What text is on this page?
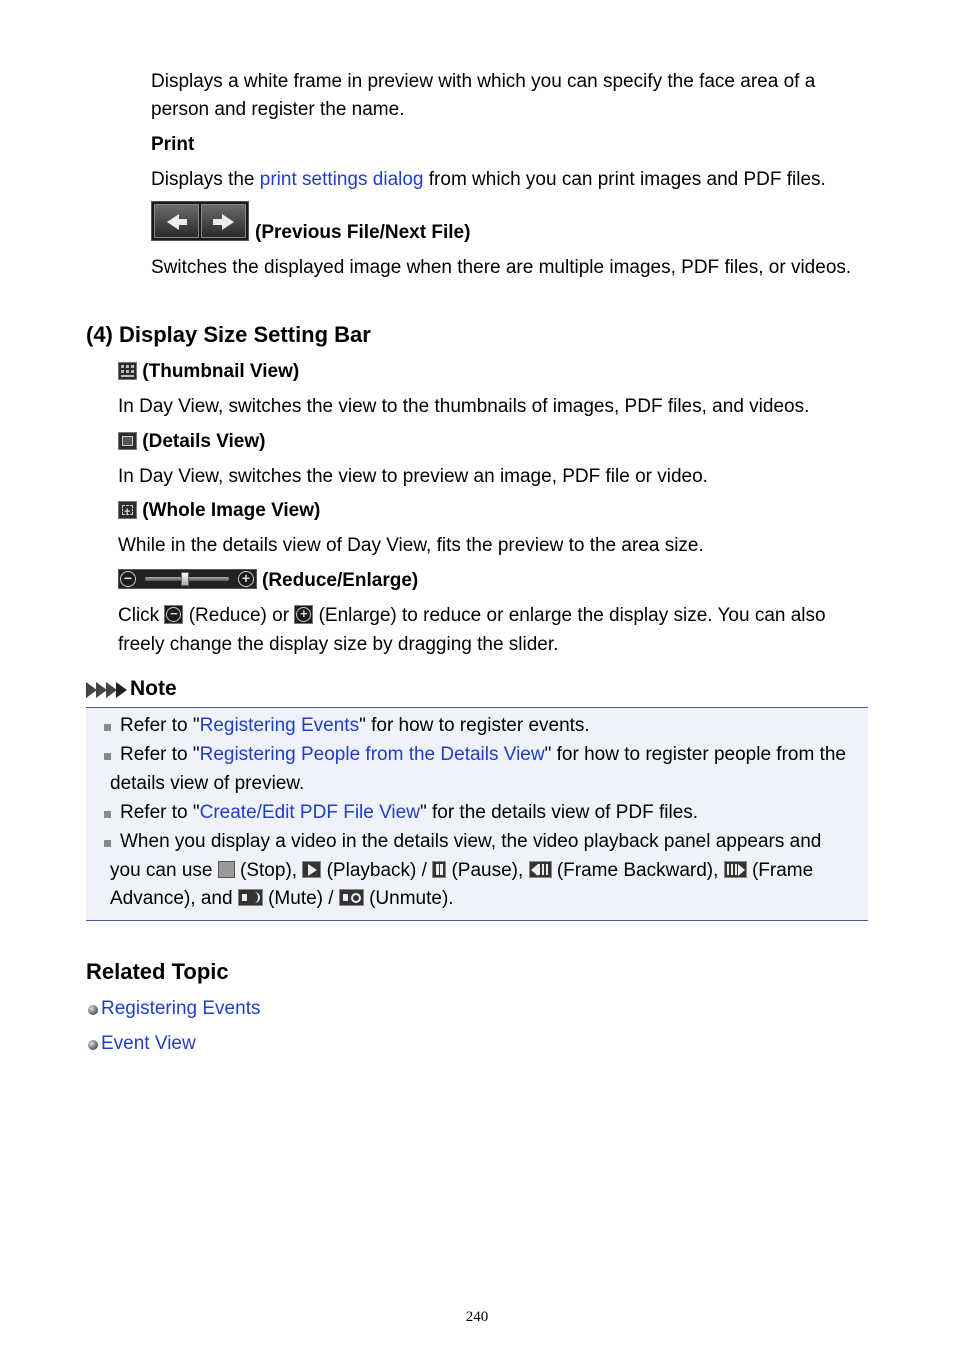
Displays a white frame in preview with which you can specify the face area of a
person and register the name.
Print
Displays the print settings dialog from which you can print images and PDF files.
(Previous File/Next File)
Switches the displayed image when there are multiple images, PDF files, or videos.
(4) Display Size Setting Bar
(Thumbnail View)
In Day View, switches the view to the thumbnails of images, PDF files, and videos.
(Details View)
In Day View, switches the view to preview an image, PDF file or video.
+
(Whole Image View)
While in the details view of Day View, fits the preview to the area size.
−	+ (Reduce/Enlarge)
Click − (Reduce) or + (Enlarge) to reduce or enlarge the display size. You can also
freely change the display size by dragging the slider.
Note
Refer to "Registering Events" for how to register events.
Refer to "Registering People from the Details View" for how to register people from the
details view of preview.
Refer to "Create/Edit PDF File View" for the details view of PDF files.
When you display a video in the details view, the video playback panel appears and
you can use  (Stop),
(Playback) /  (Pause),
(Frame Backward),
(Frame
Advance), and
(Mute) /
(Unmute).
Related Topic
Registering Events
Event View
240
